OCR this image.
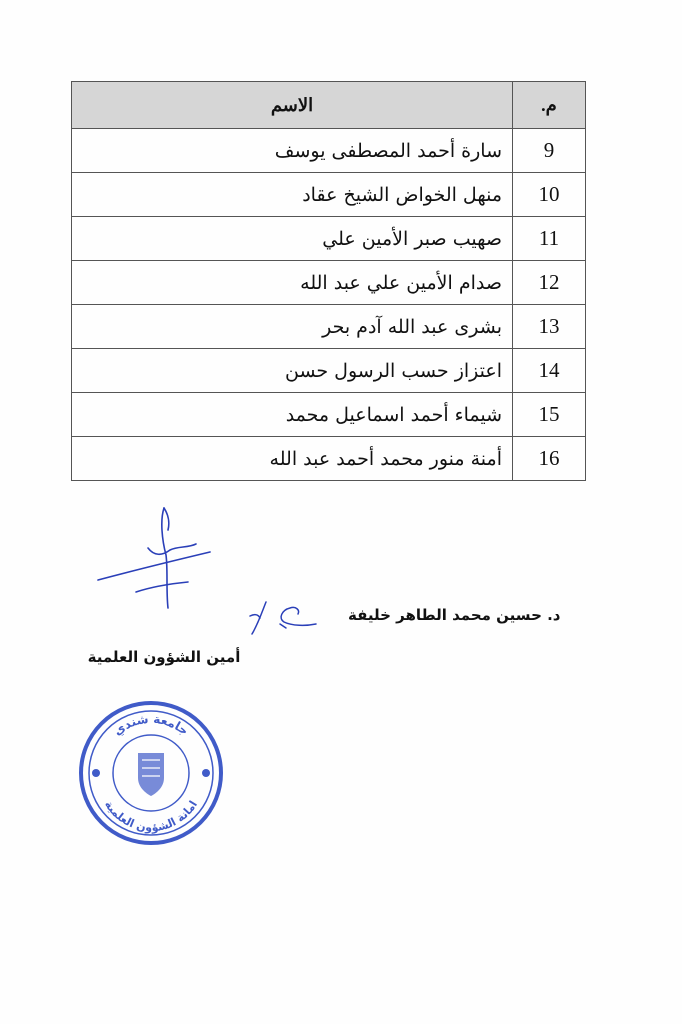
م.	الاسم
9	سارة أحمد المصطفى يوسف
10	منهل الخواض الشيخ عقاد
11	صهيب صبر الأمين علي
12	صدام الأمين علي عبد الله
13	بشرى عبد الله آدم بحر
14	اعتزاز حسب الرسول حسن
15	شيماء أحمد اسماعيل محمد
16	أمنة منور محمد أحمد عبد الله
د. حسين محمد الطاهر خليفة
أمين الشؤون العلمية
جامعة شندي
امانة الشؤون العلمية
